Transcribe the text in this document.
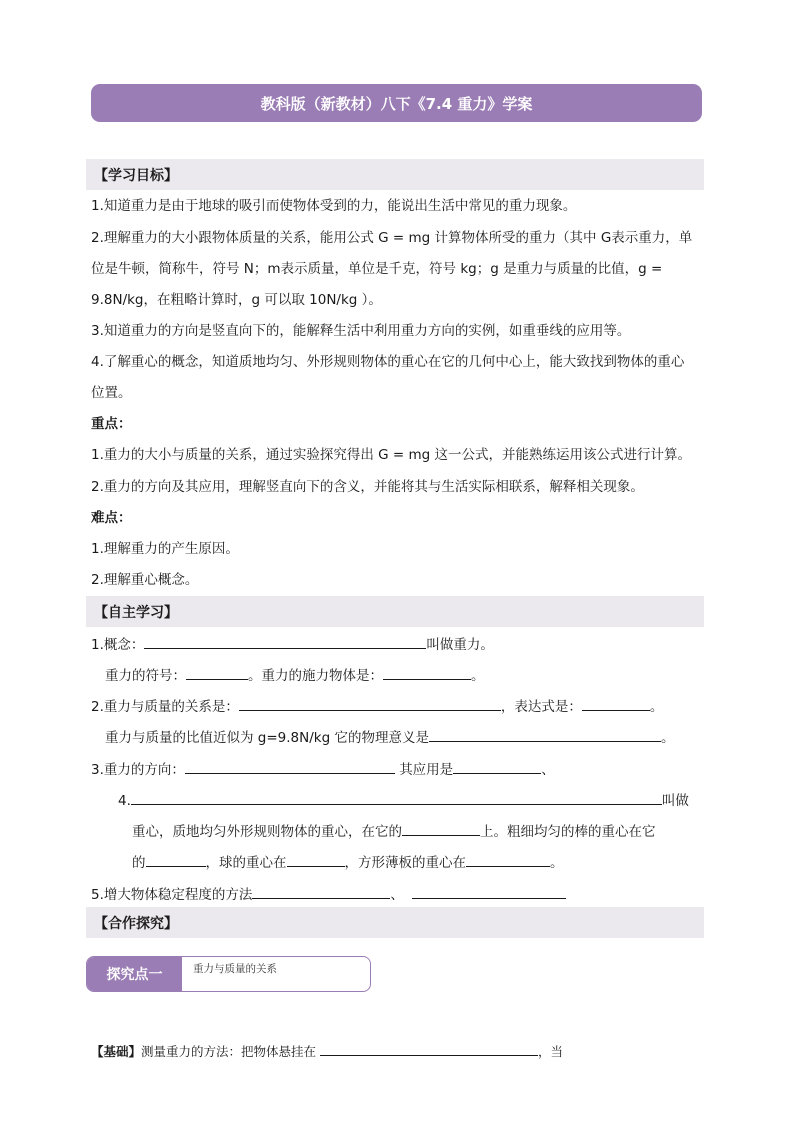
教科版（新教材）八下《7.4 重力》学案
【学习目标】
1.知道重力是由于地球的吸引而使物体受到的力，能说出生活中常见的重力现象。
2.理解重力的大小跟物体质量的关系，能用公式 G = mg 计算物体所受的重力（其中 G表示重力，单
位是牛顿，简称牛，符号 N；m表示质量，单位是千克，符号 kg；g 是重力与质量的比值，g =
9.8N/kg，在粗略计算时，g 可以取 10N/kg ）。
3.知道重力的方向是竖直向下的，能解释生活中利用重力方向的实例，如重垂线的应用等。
4.了解重心的概念，知道质地均匀、外形规则物体的重心在它的几何中心上，能大致找到物体的重心
位置。
重点：
1.重力的大小与质量的关系，通过实验探究得出 G = mg 这一公式，并能熟练运用该公式进行计算。
2.重力的方向及其应用，理解竖直向下的含义，并能将其与生活实际相联系，解释相关现象。
难点：
1.理解重力的产生原因。
2.理解重心概念。
【自主学习】
1.概念：	叫做重力。
重力的符号：	。重力的施力物体是：	。
2.重力与质量的关系是：	，表达式是：	。
重力与质量的比值近似为 g=9.8N/kg 它的物理意义是	。
3.重力的方向：	其应用是	、
4.	叫做
重心，质地均匀外形规则物体的重心，在它的	上。粗细均匀的棒的重心在它
的	，球的重心在	，方形薄板的重心在	。
5.增大物体稳定程度的方法	、
【合作探究】
探究点一	重力与质量的关系
【基础】测量重力的方法：把物体悬挂在	，当
